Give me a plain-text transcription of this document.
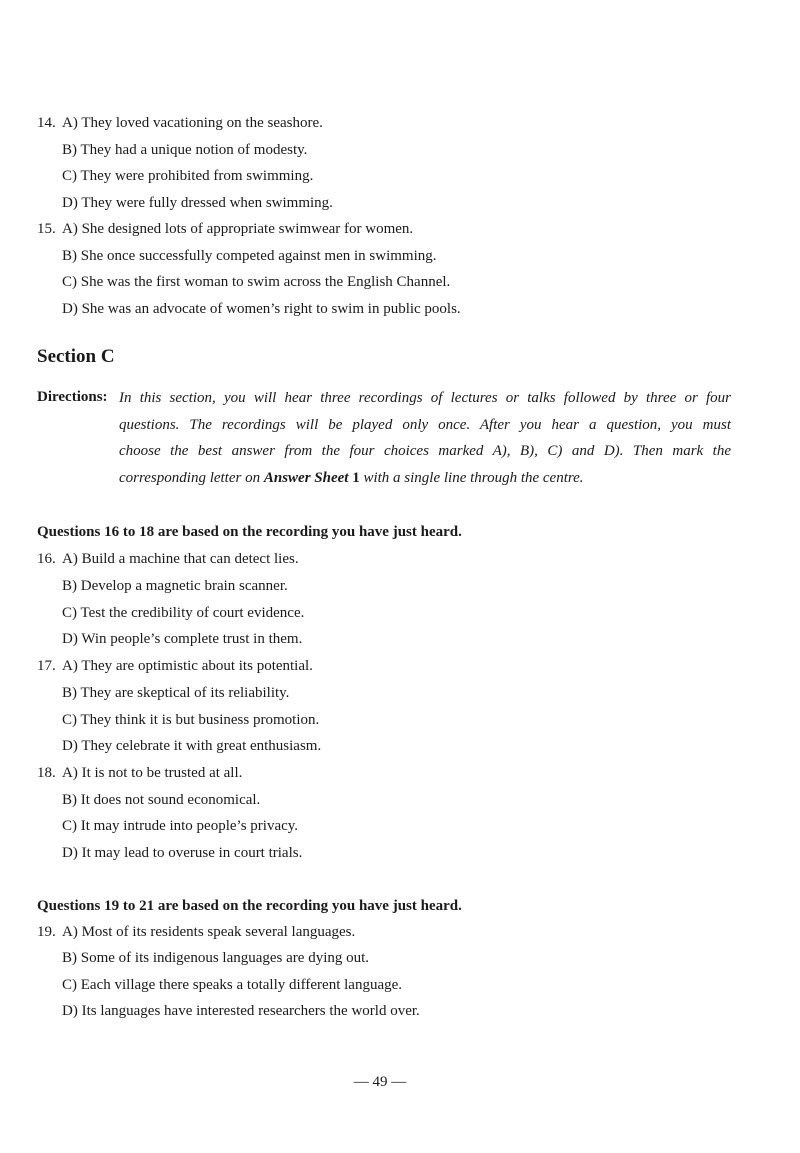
14. A) They loved vacationing on the seashore.
B) They had a unique notion of modesty.
C) They were prohibited from swimming.
D) They were fully dressed when swimming.
15. A) She designed lots of appropriate swimwear for women.
B) She once successfully competed against men in swimming.
C) She was the first woman to swim across the English Channel.
D) She was an advocate of women’s right to swim in public pools.
Section C
Directions: In this section, you will hear three recordings of lectures or talks followed by three or four
questions. The recordings will be played only once. After you hear a question, you must
choose the best answer from the four choices marked A), B), C) and D). Then mark the
corresponding letter on Answer Sheet 1 with a single line through the centre.
Questions 16 to 18 are based on the recording you have just heard.
16. A) Build a machine that can detect lies.
B) Develop a magnetic brain scanner.
C) Test the credibility of court evidence.
D) Win people’s complete trust in them.
17. A) They are optimistic about its potential.
B) They are skeptical of its reliability.
C) They think it is but business promotion.
D) They celebrate it with great enthusiasm.
18. A) It is not to be trusted at all.
B) It does not sound economical.
C) It may intrude into people’s privacy.
D) It may lead to overuse in court trials.
Questions 19 to 21 are based on the recording you have just heard.
19. A) Most of its residents speak several languages.
B) Some of its indigenous languages are dying out.
C) Each village there speaks a totally different language.
D) Its languages have interested researchers the world over.
— 49 —
